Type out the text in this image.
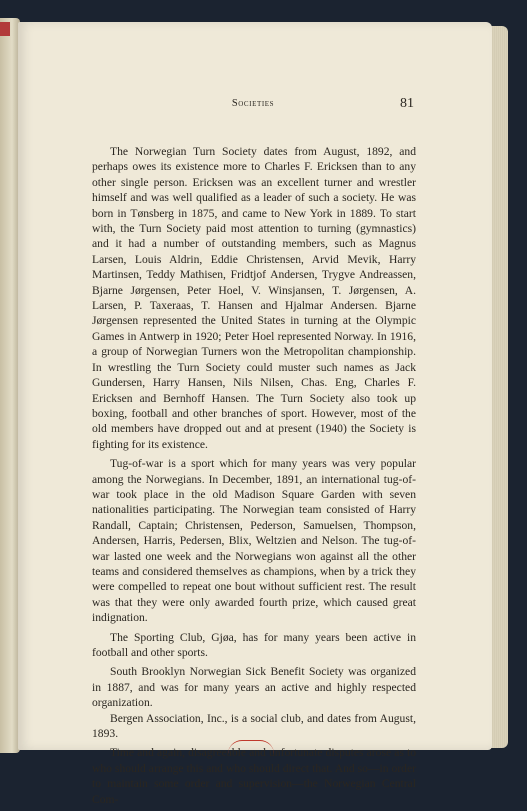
Societies	81

The Norwegian Turn Society dates from August, 1892, and perhaps owes its existence more to Charles F. Ericksen than to any other single person. Ericksen was an excellent turner and wrestler himself and was well qualified as a leader of such a society. He was born in Tønsberg in 1875, and came to New York in 1889. To start with, the Turn Society paid most attention to turning (gymnastics) and it had a number of outstanding members, such as Magnus Larsen, Louis Aldrin, Eddie Christensen, Arvid Mevik, Harry Martinsen, Teddy Mathisen, Fridtjof Andersen, Trygve Andreassen, Bjarne Jørgensen, Peter Hoel, V. Winsjansen, T. Jørgensen, A. Larsen, P. Taxeraas, T. Hansen and Hjalmar Andersen. Bjarne Jørgensen represented the United States in turning at the Olympic Games in Antwerp in 1920; Peter Hoel represented Norway. In 1916, a group of Norwegian Turners won the Metropolitan championship. In wrestling the Turn Society could muster such names as Jack Gundersen, Harry Hansen, Nils Nilsen, Chas. Eng, Charles F. Ericksen and Bernhoff Hansen. The Turn Society also took up boxing, football and other branches of sport. However, most of the old members have dropped out and at present (1940) the Society is fighting for its existence.

Tug-of-war is a sport which for many years was very popular among the Norwegians. In December, 1891, an international tug-of-war took place in the old Madison Square Garden with seven nationalities participating. The Norwegian team consisted of Harry Randall, Captain; Christensen, Pederson, Samuelsen, Thompson, Andersen, Harris, Pedersen, Blix, Weltzien and Nelson. The tug-of-war lasted one week and the Norwegians won against all the other teams and considered themselves as champions, when by a trick they were compelled to repeat one bout without sufficient rest. The result was that they were only awarded fourth prize, which caused great indignation.

The Sporting Club, Gjøa, has for many years been active in football and other sports.

South Brooklyn Norwegian Sick Benefit Society was organized in 1887, and was for many years an active and highly respected organization.

Bergen Association, Inc., is a social club, and dates from August, 1893.

Time and again, disagreeable and unfortunate disputes arose as to who should arrange this and who should direct that. And so—in order to maintain some order and supervision—the Norwegian Central Com-
